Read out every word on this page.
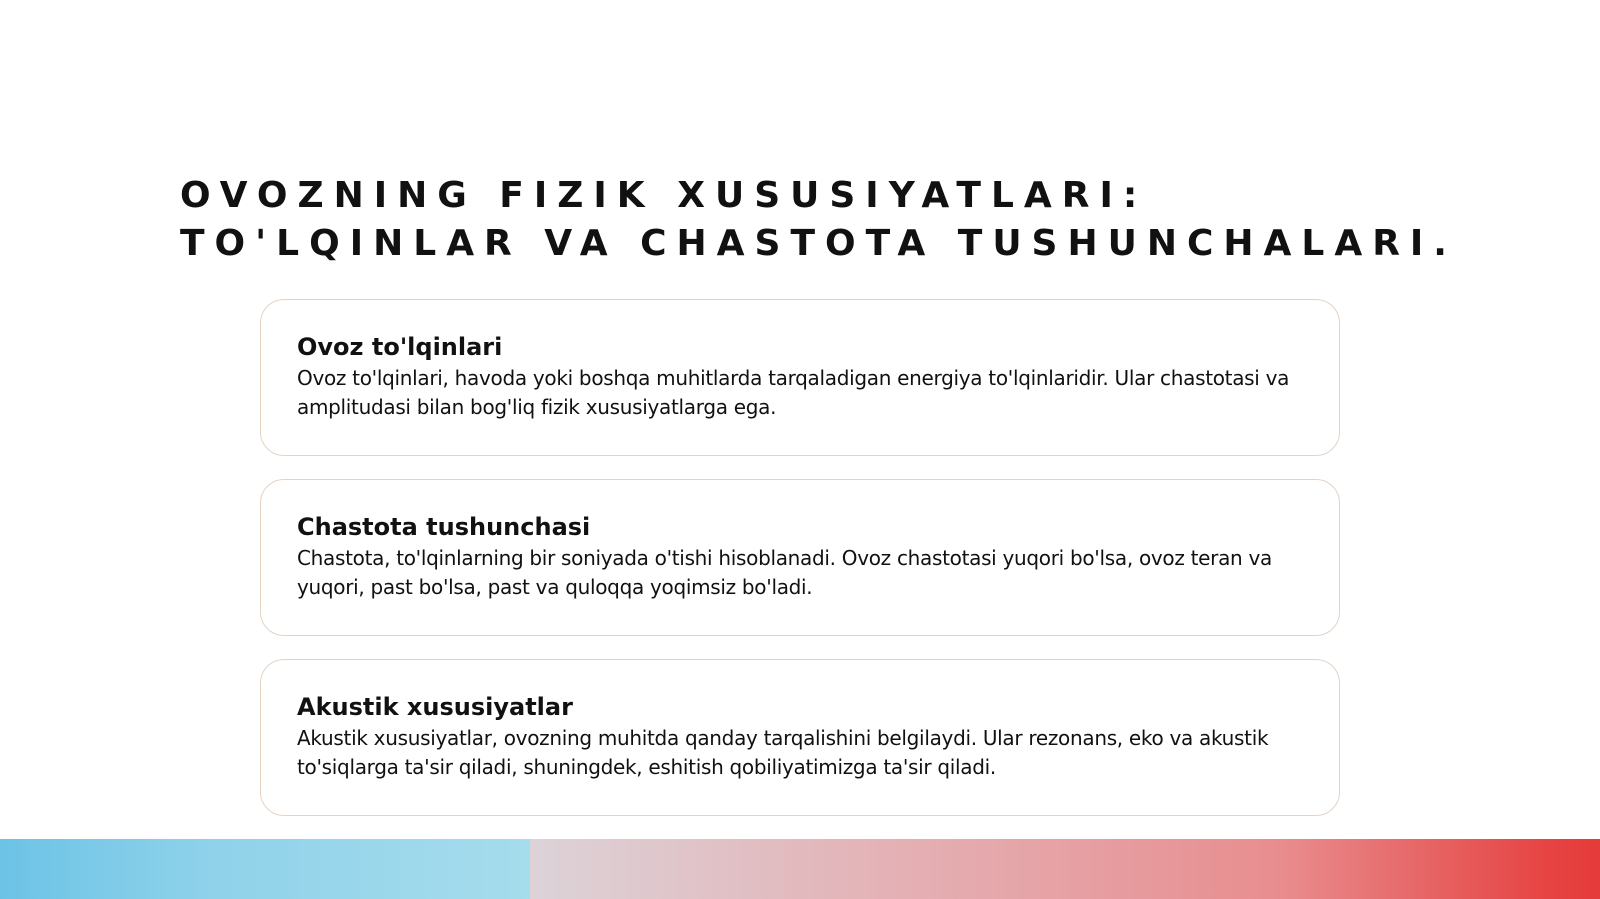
OVOZNING FIZIK XUSUSIYATLARI:
TO'LQINLAR VA CHASTOTA TUSHUNCHALARI.
Ovoz to'lqinlari

Ovoz to'lqinlari, havoda yoki boshqa muhitlarda tarqaladigan energiya to'lqinlaridir. Ular chastotasi va amplitudasi bilan bog'liq fizik xususiyatlarga ega.

Chastota tushunchasi

Chastota, to'lqinlarning bir soniyada o'tishi hisoblanadi. Ovoz chastotasi yuqori bo'lsa, ovoz teran va yuqori, past bo'lsa, past va quloqqa yoqimsiz bo'ladi.

Akustik xususiyatlar

Akustik xususiyatlar, ovozning muhitda qanday tarqalishini belgilaydi. Ular rezonans, eko va akustik to'siqlarga ta'sir qiladi, shuningdek, eshitish qobiliyatimizga ta'sir qiladi.
